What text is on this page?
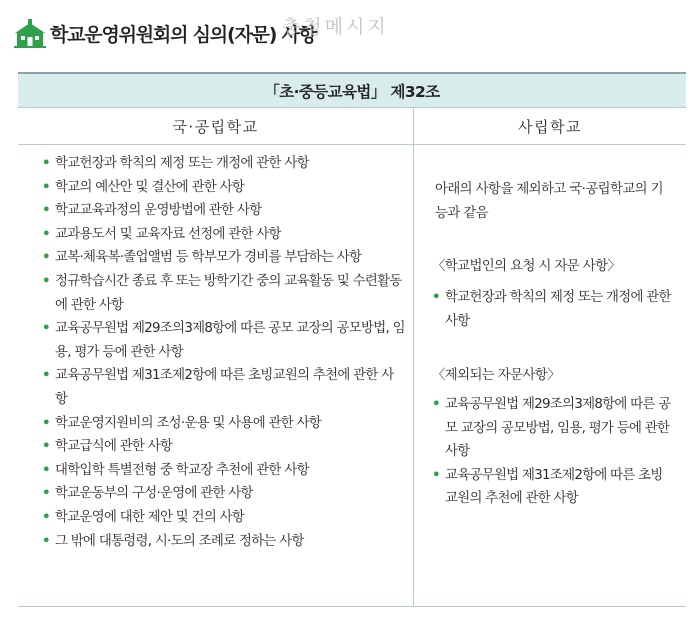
학교운영위원회의 심의(자문) 사항
충청메시지
「초·중등교육법」 제32조
국·공립학교	사립학교
• 학교헌장과 학칙의 제정 또는 개정에 관한 사항
• 학교의 예산안 및 결산에 관한 사항
• 학교교육과정의 운영방법에 관한 사항
• 교과용도서 및 교육자료 선정에 관한 사항
• 교복·체육복·졸업앨범 등 학부모가 경비를 부담하는 사항
• 정규학습시간 종료 후 또는 방학기간 중의 교육활동 및 수련활동에 관한 사항
• 교육공무원법 제29조의3제8항에 따른 공모 교장의 공모방법, 임용, 평가 등에 관한 사항
• 교육공무원법 제31조제2항에 따른 초빙교원의 추천에 관한 사항
• 학교운영지원비의 조성·운용 및 사용에 관한 사항
• 학교급식에 관한 사항
• 대학입학 특별전형 중 학교장 추천에 관한 사항
• 학교운동부의 구성·운영에 관한 사항
• 학교운영에 대한 제안 및 건의 사항
• 그 밖에 대통령령, 시·도의 조례로 정하는 사항

아래의 사항을 제외하고 국·공립학교의 기능과 같음

〈학교법인의 요청 시 자문 사항〉

• 학교헌장과 학칙의 제정 또는 개정에 관한 사항

〈제외되는 자문사항〉

• 교육공무원법 제29조의3제8항에 따른 공모 교장의 공모방법, 임용, 평가 등에 관한 사항
• 교육공무원법 제31조제2항에 따른 초빙 교원의 추천에 관한 사항
